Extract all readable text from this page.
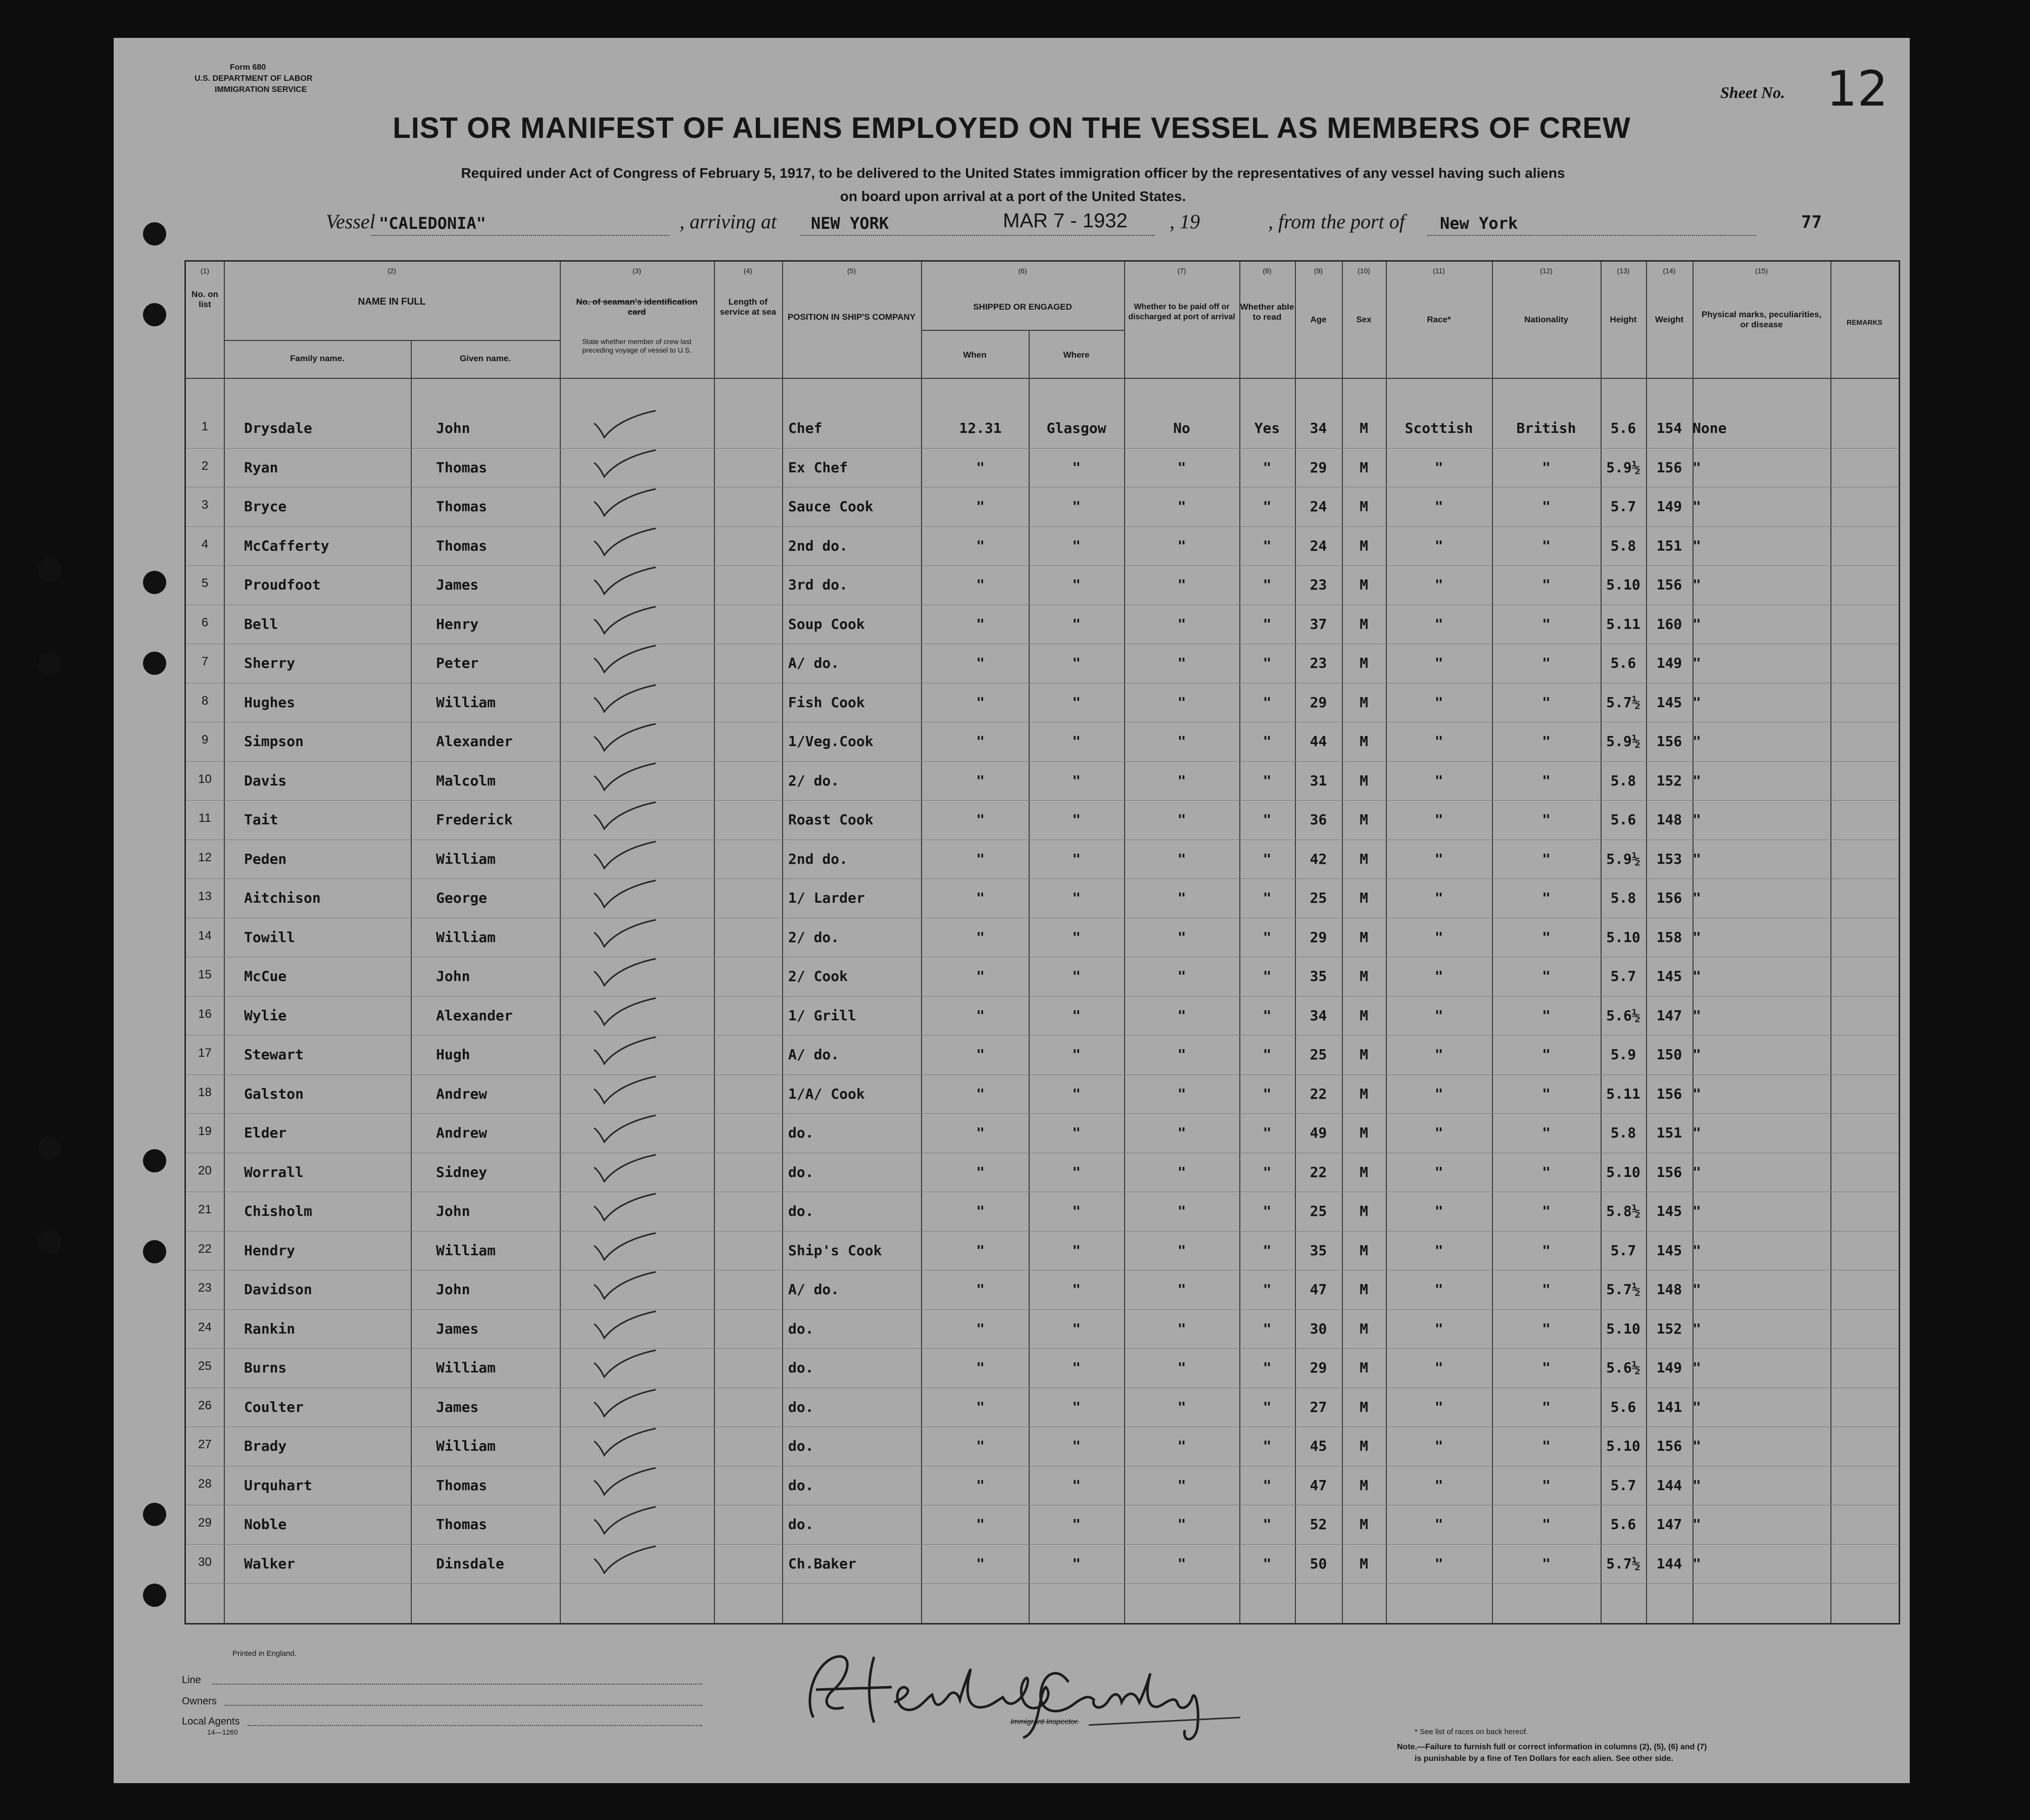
Form 680
U.S. DEPARTMENT OF LABOR
IMMIGRATION SERVICE	Sheet No. 12
LIST OR MANIFEST OF ALIENS EMPLOYED ON THE VESSEL AS MEMBERS OF CREW
Required under Act of Congress of February 5, 1917, to be delivered to the United States immigration officer by the representatives of any vessel having such aliens
on board upon arrival at a port of the United States.
Vessel "CALEDONIA"	, arriving at NEW YORK	MAR 7 - 1932 , 19	, from the port of New York	77
(1)
No. on list
(2)
NAME IN FULL
Family name.	Given name.
(3)
No. of seaman's identification card
State whether member of crew last preceding voyage of vessel to U.S.
(4)
Length of service at sea
(5)
POSITION IN SHIP'S COMPANY
(6)
SHIPPED OR ENGAGED
When	Where
(7)
Whether to be paid off or discharged at port of arrival
(8)
Whether able to read
(9)
Age
(10)
Sex
(11)
Race*
(12)
Nationality
(13)
Height
(14)
Weight
(15)
Physical marks, peculiarities, or disease	REMARKS
1	Drysdale	John	Chef	12.31	Glasgow	No	Yes	34	M	Scottish	British	5.6	154 None
2	Ryan	Thomas	Ex Chef	"	"	"	"	29	M	"	"	5.9½	156 "
3	Bryce	Thomas	Sauce Cook	"	"	"	"	24	M	"	"	5.7	149 "
4	McCafferty	Thomas	2nd do.	"	"	"	"	24	M	"	"	5.8	151 "
5	Proudfoot	James	3rd do.	"	"	"	"	23	M	"	"	5.10	156 "
6	Bell	Henry	Soup Cook	"	"	"	"	37	M	"	"	5.11	160 "
7	Sherry	Peter	A/ do.	"	"	"	"	23	M	"	"	5.6	149 "
8	Hughes	William	Fish Cook	"	"	"	"	29	M	"	"	5.7½	145 "
9	Simpson	Alexander	1/Veg.Cook	"	"	"	"	44	M	"	"	5.9½	156 "
10	Davis	Malcolm	2/ do.	"	"	"	"	31	M	"	"	5.8	152 "
11	Tait	Frederick	Roast Cook	"	"	"	"	36	M	"	"	5.6	148 "
12	Peden	William	2nd do.	"	"	"	"	42	M	"	"	5.9½	153 "
13	Aitchison	George	1/ Larder	"	"	"	"	25	M	"	"	5.8	156 "
14	Towill	William	2/ do.	"	"	"	"	29	M	"	"	5.10	158 "
15	McCue	John	2/ Cook	"	"	"	"	35	M	"	"	5.7	145 "
16	Wylie	Alexander	1/ Grill	"	"	"	"	34	M	"	"	5.6½	147 "
17	Stewart	Hugh	A/ do.	"	"	"	"	25	M	"	"	5.9	150 "
18	Galston	Andrew	1/A/ Cook	"	"	"	"	22	M	"	"	5.11	156 "
19	Elder	Andrew	do.	"	"	"	"	49	M	"	"	5.8	151 "
20	Worrall	Sidney	do.	"	"	"	"	22	M	"	"	5.10	156 "
21	Chisholm	John	do.	"	"	"	"	25	M	"	"	5.8½	145 "
22	Hendry	William	Ship's Cook	"	"	"	"	35	M	"	"	5.7	145 "
23	Davidson	John	A/ do.	"	"	"	"	47	M	"	"	5.7½	148 "
24	Rankin	James	do.	"	"	"	"	30	M	"	"	5.10	152 "
25	Burns	William	do.	"	"	"	"	29	M	"	"	5.6½	149 "
26	Coulter	James	do.	"	"	"	"	27	M	"	"	5.6	141 "
27	Brady	William	do.	"	"	"	"	45	M	"	"	5.10	156 "
28	Urquhart	Thomas	do.	"	"	"	"	47	M	"	"	5.7	144 "
29	Noble	Thomas	do.	"	"	"	"	52	M	"	"	5.6	147 "
30	Walker	Dinsdale	Ch.Baker	"	"	"	"	50	M	"	"	5.7½	144 "
Printed in England.
Line
Owners
Local Agents
14—1260
Immigrant Inspector.
* See list of races on back hereof.
Note.—Failure to furnish full or correct information in columns (2), (5), (6) and (7)
is punishable by a fine of Ten Dollars for each alien. See other side.
